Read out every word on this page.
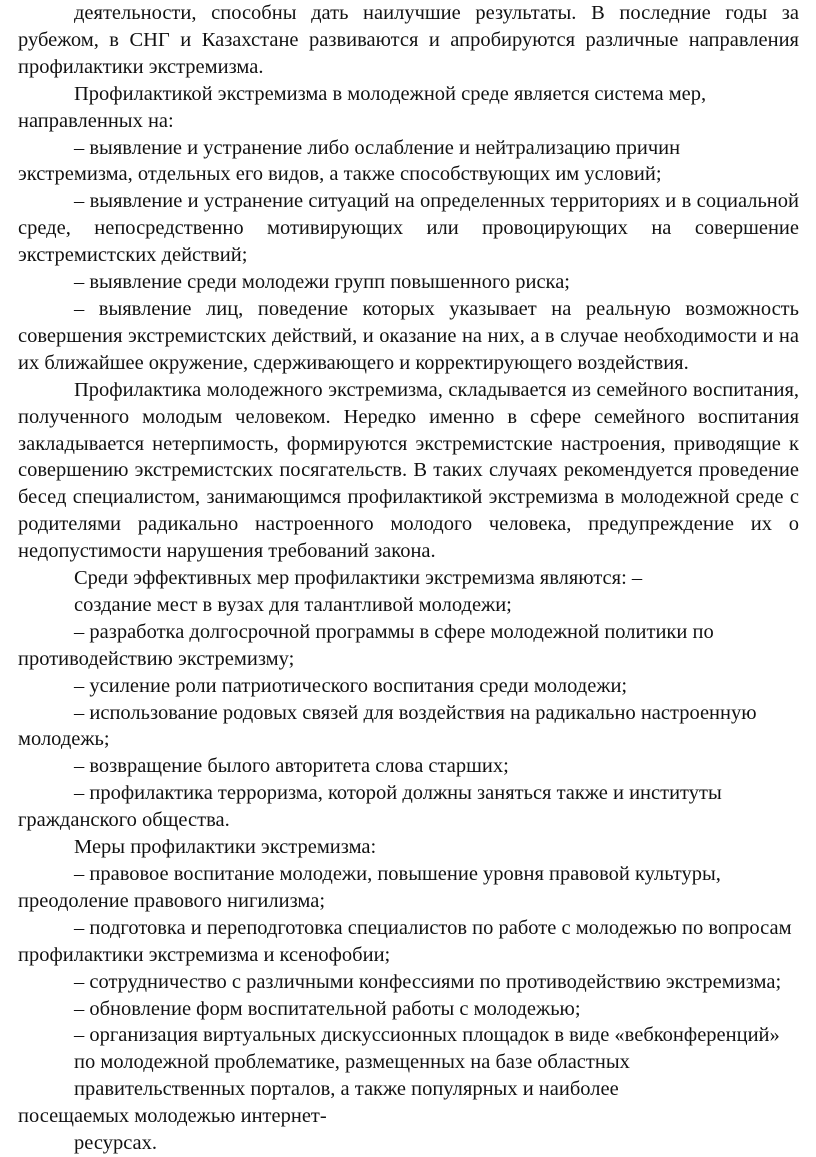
деятельности, способны дать наилучшие результаты. В последние годы за рубежом, в СНГ и Казахстане развиваются и апробируются различные направления профилактики экстремизма.

Профилактикой экстремизма в молодежной среде является система мер, направленных на:

– выявление и устранение либо ослабление и нейтрализацию причин экстремизма, отдельных его видов, а также способствующих им условий;

– выявление и устранение ситуаций на определенных территориях и в социальной среде, непосредственно мотивирующих или провоцирующих на совершение экстремистских действий;

– выявление среди молодежи групп повышенного риска;

– выявление лиц, поведение которых указывает на реальную возможность совершения экстремистских действий, и оказание на них, а в случае необходимости и на их ближайшее окружение, сдерживающего и корректирующего воздействия.

Профилактика молодежного экстремизма, складывается из семейного воспитания, полученного молодым человеком. Нередко именно в сфере семейного воспитания закладывается нетерпимость, формируются экстремистские настроения, приводящие к совершению экстремистских посягательств. В таких случаях рекомендуется проведение бесед специалистом, занимающимся профилактикой экстремизма в молодежной среде с родителями радикально настроенного молодого человека, предупреждение их о недопустимости нарушения требований закона.

Среди эффективных мер профилактики экстремизма являются: –

создание мест в вузах для талантливой молодежи;

– разработка долгосрочной программы в сфере молодежной политики по противодействию экстремизму;

– усиление роли патриотического воспитания среди молодежи;

– использование родовых связей для воздействия на радикально настроенную молодежь;

– возвращение былого авторитета слова старших;

– профилактика терроризма, которой должны заняться также и институты гражданского общества.

Меры профилактики экстремизма:

– правовое воспитание молодежи, повышение уровня правовой культуры, преодоление правового нигилизма;

– подготовка и переподготовка специалистов по работе с молодежью по вопросам профилактики экстремизма и ксенофобии;

– сотрудничество с различными конфессиями по противодействию экстремизма;

– обновление форм воспитательной работы с молодежью;

– организация виртуальных дискуссионных площадок в виде «вебконференций»

по молодежной проблематике, размещенных на базе областных правительственных порталов, а также популярных и наиболее

посещаемых молодежью интернет-

ресурсах.
